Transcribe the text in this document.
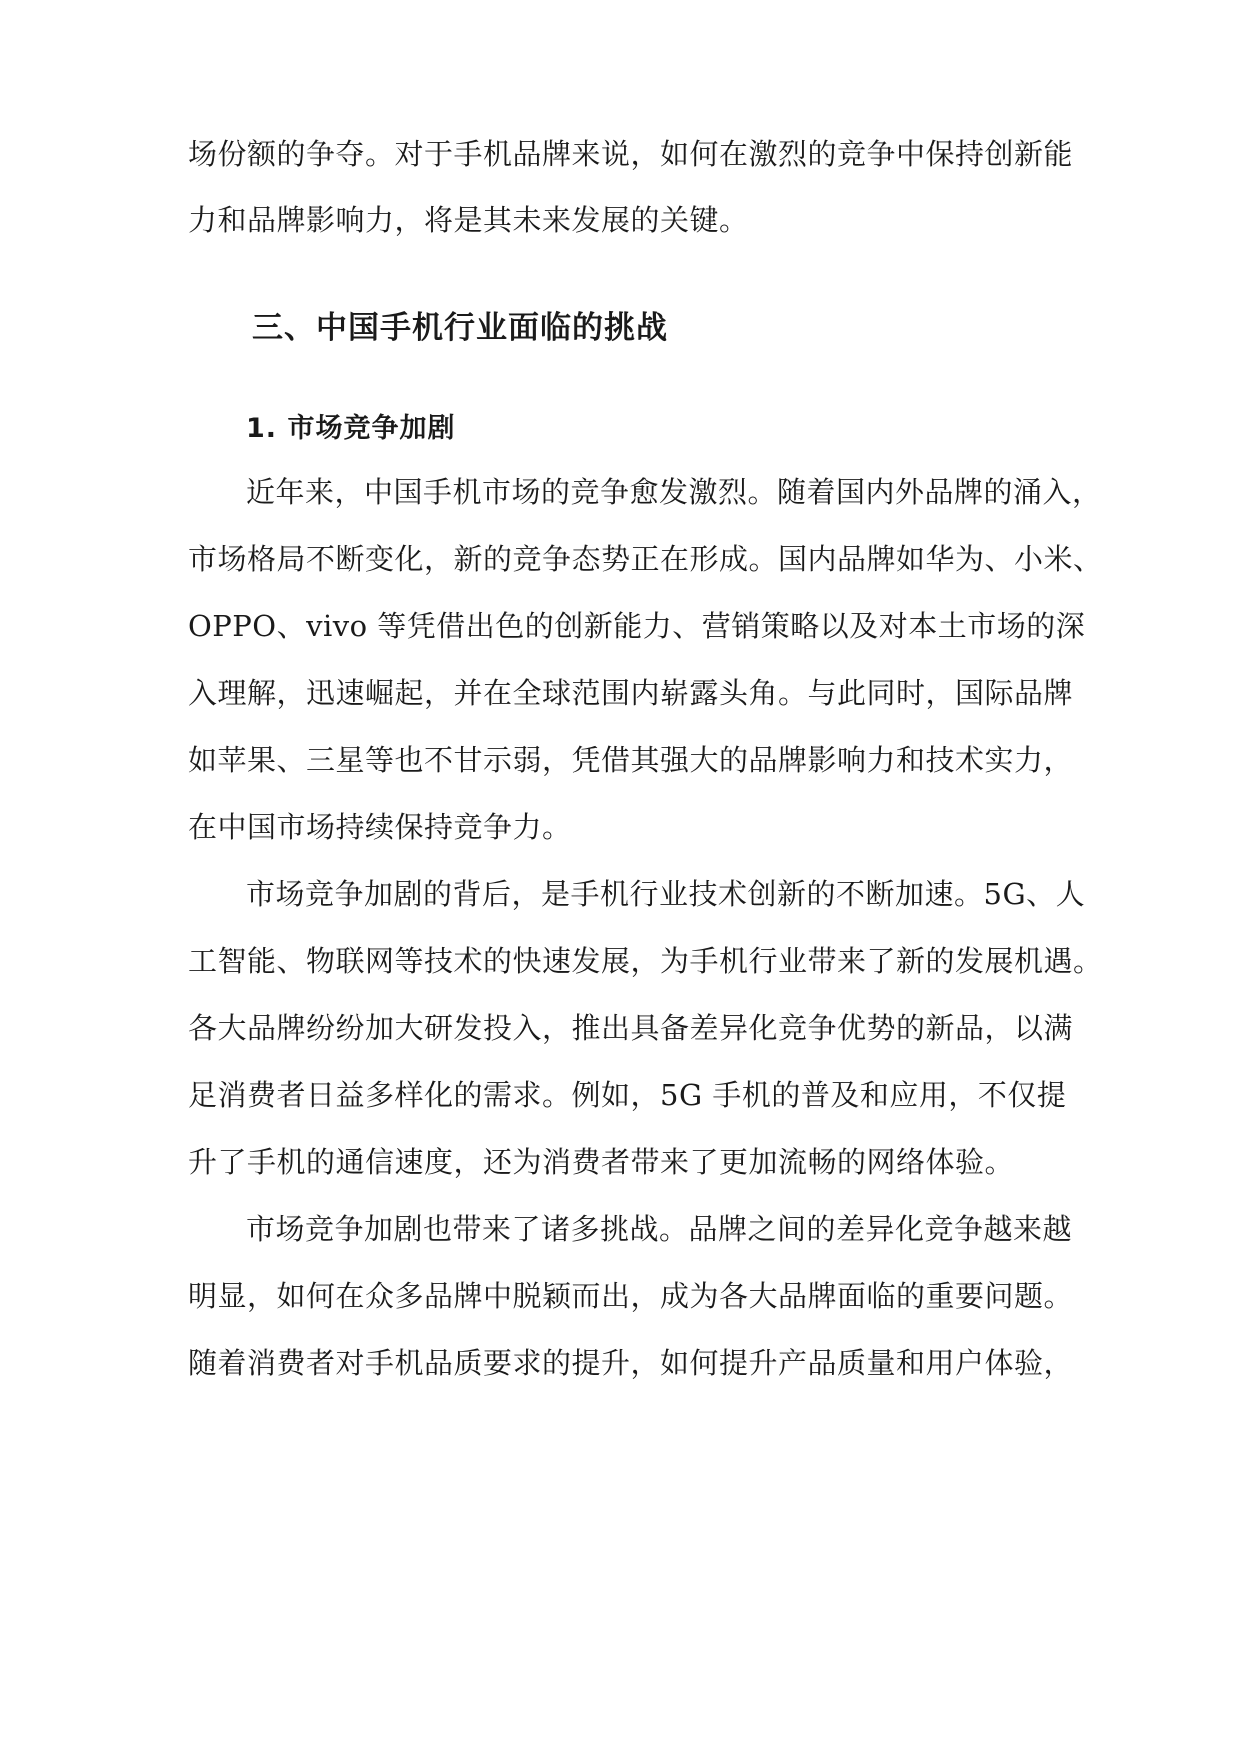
场份额的争夺。对于手机品牌来说，如何在激烈的竞争中保持创新能
力和品牌影响力，将是其未来发展的关键。
三、中国手机行业面临的挑战
1. 市场竞争加剧
近年来，中国手机市场的竞争愈发激烈。随着国内外品牌的涌入，
市场格局不断变化，新的竞争态势正在形成。国内品牌如华为、小米、
OPPO、vivo 等凭借出色的创新能力、营销策略以及对本土市场的深
入理解，迅速崛起，并在全球范围内崭露头角。与此同时，国际品牌
如苹果、三星等也不甘示弱，凭借其强大的品牌影响力和技术实力，
在中国市场持续保持竞争力。
市场竞争加剧的背后，是手机行业技术创新的不断加速。5G、人
工智能、物联网等技术的快速发展，为手机行业带来了新的发展机遇。
各大品牌纷纷加大研发投入，推出具备差异化竞争优势的新品，以满
足消费者日益多样化的需求。例如，5G 手机的普及和应用，不仅提
升了手机的通信速度，还为消费者带来了更加流畅的网络体验。
市场竞争加剧也带来了诸多挑战。品牌之间的差异化竞争越来越
明显，如何在众多品牌中脱颖而出，成为各大品牌面临的重要问题。
随着消费者对手机品质要求的提升，如何提升产品质量和用户体验，
